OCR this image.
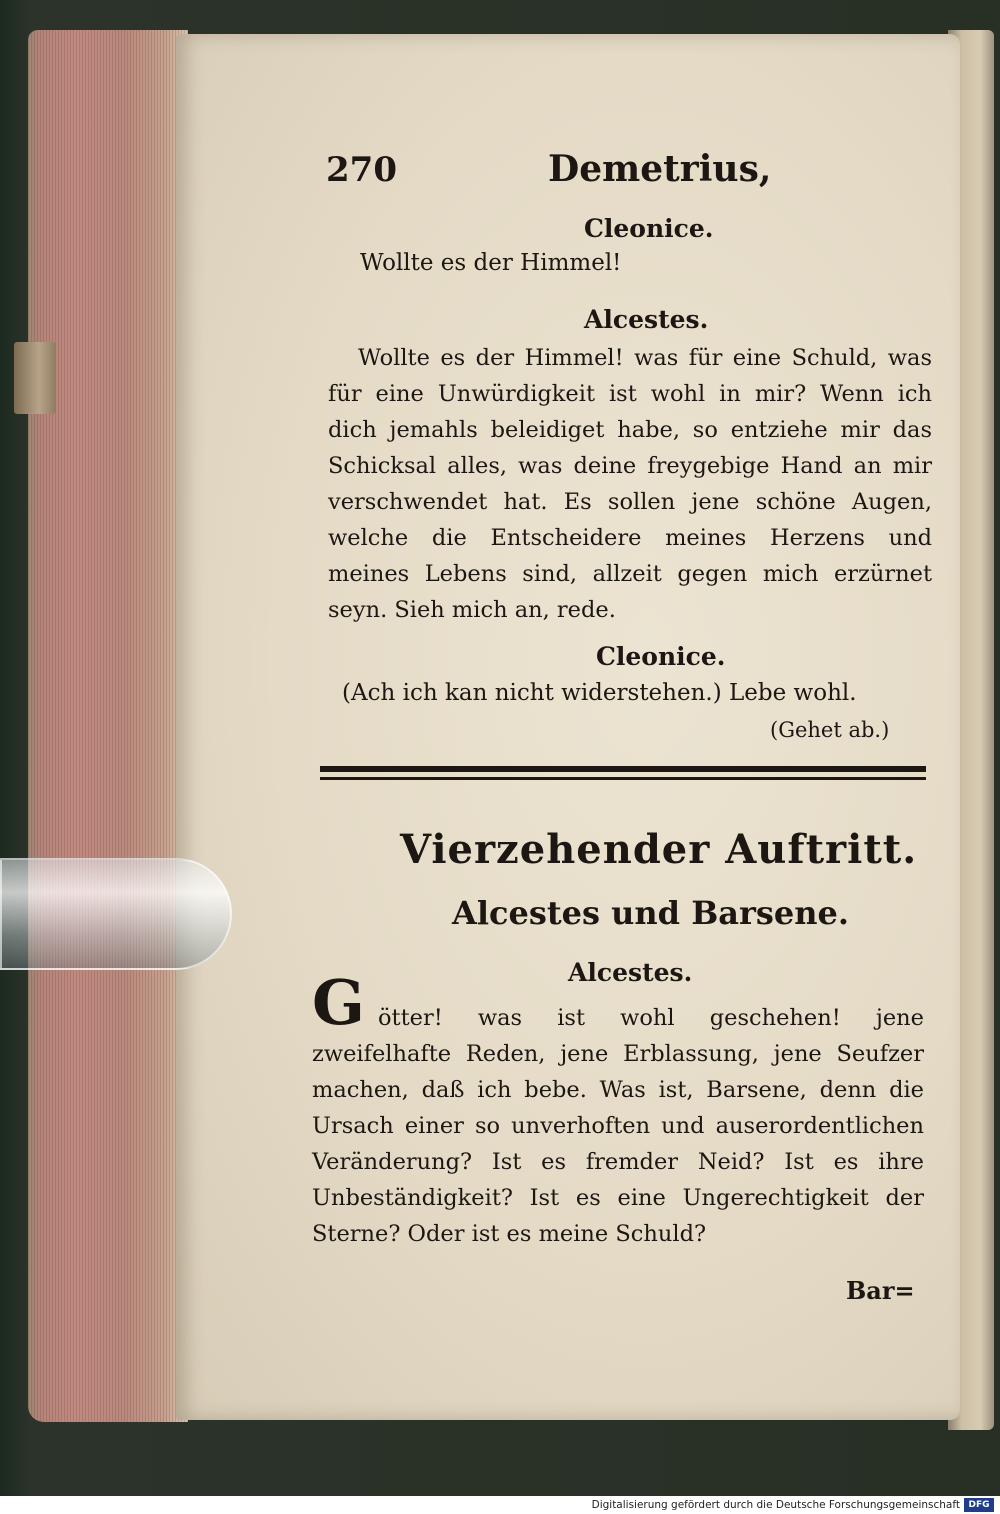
270	Demetrius,
Cleonice.
Wollte es der Himmel!
Alcestes.
Wollte es der Himmel! was für eine Schuld, was für eine Unwürdigkeit ist wohl in mir? Wenn ich dich jemahls beleidiget habe, so entziehe mir das Schicksal alles, was deine freygebige Hand an mir verschwendet hat. Es sollen jene schöne Augen, welche die Entscheidere meines Herzens und meines Lebens sind, allzeit gegen mich erzürnet seyn. Sieh mich an, rede.
Cleonice.
(Ach ich kan nicht widerstehen.) Lebe wohl.
(Gehet ab.)
Vierzehender Auftritt.
Alcestes und Barsene.
Alcestes.
G ötter! was ist wohl geschehen! jene zweifelhafte Reden, jene Erblassung, jene Seufzer machen, daß ich bebe. Was ist, Barsene, denn die Ursach einer so unverhoften und auserordentlichen Veränderung? Ist es fremder Neid? Ist es ihre Unbeständigkeit? Ist es eine Ungerechtigkeit der Sterne? Oder ist es meine Schuld?
Bar=
Digitalisierung gefördert durch die Deutsche Forschungsgemeinschaft DFG
